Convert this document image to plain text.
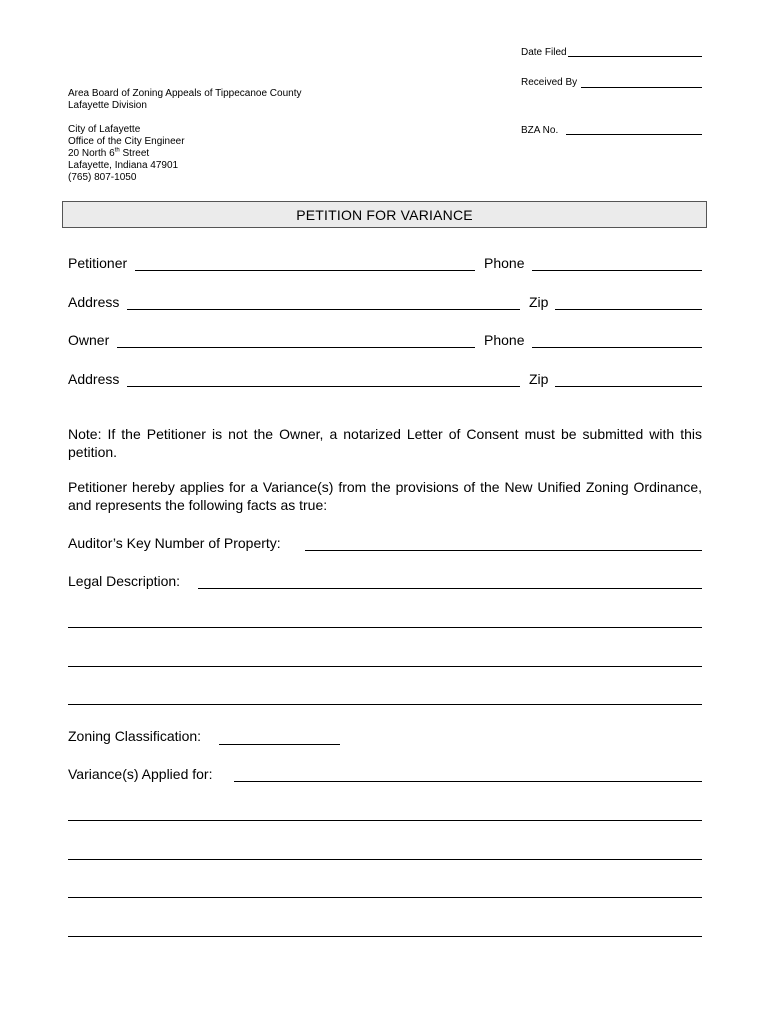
Date Filed
Received By
BZA No.
Area Board of Zoning Appeals of Tippecanoe County
Lafayette Division
City of Lafayette
Office of the City Engineer
20 North 6th Street
Lafayette, Indiana 47901
(765) 807-1050
PETITION FOR VARIANCE
Petitioner	Phone
Address	Zip
Owner	Phone
Address	Zip
Note: If the Petitioner is not the Owner, a notarized Letter of Consent must be submitted with this petition.
Petitioner hereby applies for a Variance(s) from the provisions of the New Unified Zoning Ordinance, and represents the following facts as true:
Auditor’s Key Number of Property:
Legal Description:
Zoning Classification:
Variance(s) Applied for:
